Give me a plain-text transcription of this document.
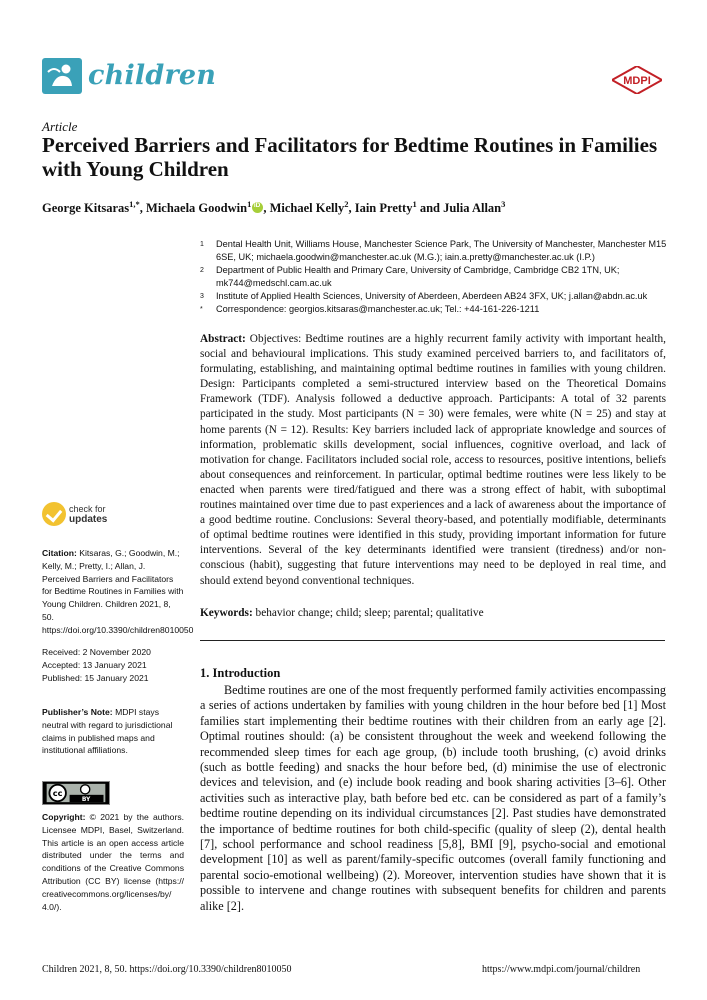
children	MDPI
Article
Perceived Barriers and Facilitators for Bedtime Routines in Families with Young Children
George Kitsaras$^{1,*}$, Michaela Goodwin$^1$iD , Michael Kelly$^2$, Iain Pretty$^1$ and Julia Allan$^3$
1 Dental Health Unit, Williams House, Manchester Science Park, The University of Manchester, Manchester M15 6SE, UK; michaela.goodwin@manchester.ac.uk (M.G.); iain.a.pretty@manchester.ac.uk (I.P.)
2 Department of Public Health and Primary Care, University of Cambridge, Cambridge CB2 1TN, UK; mk744@medschl.cam.ac.uk
3 Institute of Applied Health Sciences, University of Aberdeen, Aberdeen AB24 3FX, UK; j.allan@abdn.ac.uk
* Correspondence: georgios.kitsaras@manchester.ac.uk; Tel.: +44-161-226-1211
Abstract: Objectives: Bedtime routines are a highly recurrent family activity with important health, social and behavioural implications. This study examined perceived barriers to, and facilitators of, formulating, establishing, and maintaining optimal bedtime routines in families with young children. Design: Participants completed a semi-structured interview based on the Theoretical Domains Framework (TDF). Analysis followed a deductive approach. Participants: A total of 32 parents participated in the study. Most participants (N = 30) were females, were white (N = 25) and stay at home parents (N = 12). Results: Key barriers included lack of appropriate knowledge and sources of information, problematic skills development, social influences, cognitive overload, and lack of motivation for change. Facilitators included social role, access to resources, positive intentions, beliefs about consequences and reinforcement. In particular, optimal bedtime routines were less likely to be enacted when parents were tired/fatigued and there was a strong effect of habit, with suboptimal routines maintained over time due to past experiences and a lack of awareness about the importance of a good bedtime routine. Conclusions: Several theory-based, and potentially modifiable, determinants of optimal bedtime routines were identified in this study, providing important information for future interventions. Several of the key determinants identified were transient (tiredness) and/or non-conscious (habit), suggesting that future interventions may need to be deployed in real time, and should extend beyond conventional techniques.
Keywords: behavior change; child; sleep; parental; qualitative
check for
updates
Citation: Kitsaras, G.; Goodwin, M.; Kelly, M.; Pretty, I.; Allan, J. Perceived Barriers and Facilitators for Bedtime Routines in Families with Young Children. Children 2021, 8, 50. https://doi.org/10.3390/children8010050
Received: 2 November 2020
Accepted: 13 January 2021
Published: 15 January 2021
Publisher’s Note: MDPI stays neutral with regard to jurisdictional claims in published maps and institutional affiliations.
cc
BY
Copyright: © 2021 by the authors. Licensee MDPI, Basel, Switzerland. This article is an open access article distributed under the terms and conditions of the Creative Commons Attribution (CC BY) license (https:// creativecommons.org/licenses/by/ 4.0/).
1. Introduction
Bedtime routines are one of the most frequently performed family activities encompassing a series of actions undertaken by families with young children in the hour before bed [1] Most families start implementing their bedtime routines with their children from an early age [2]. Optimal routines should: (a) be consistent throughout the week and weekend following the recommended sleep times for each age group, (b) include tooth brushing, (c) avoid drinks (such as bottle feeding) and snacks the hour before bed, (d) minimise the use of electronic devices and television, and (e) include book reading and book sharing activities [3–6]. Other activities such as interactive play, bath before bed etc. can be considered as part of a family’s bedtime routine depending on its individual circumstances [2]. Past studies have demonstrated the importance of bedtime routines for both child-specific (quality of sleep (2), dental health [7], school performance and school readiness [5,8], BMI [9], psycho-social and emotional development [10] as well as parent/family-specific outcomes (overall family functioning and parental socio-emotional wellbeing) (2). Moreover, intervention studies have shown that it is possible to intervene and change routines with subsequent benefits for children and parents alike [2].
Children 2021, 8, 50. https://doi.org/10.3390/children8010050	https://www.mdpi.com/journal/children
